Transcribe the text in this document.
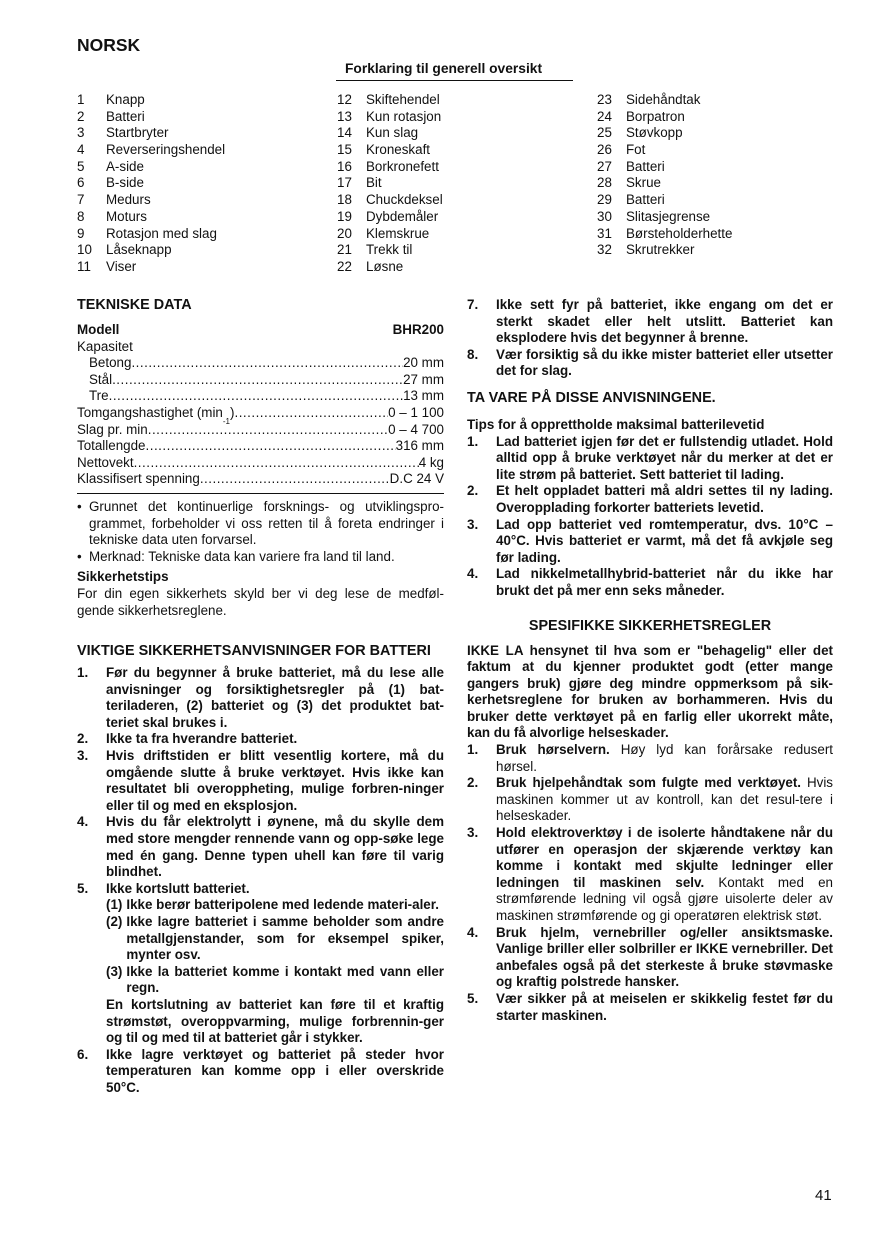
NORSK
Forklaring til generell oversikt
1 Knapp
2 Batteri
3 Startbryter
4 Reverseringshendel
5 A-side
6 B-side
7 Medurs
8 Moturs
9 Rotasjon med slag
10 Låseknapp
11 Viser
12 Skiftehendel
13 Kun rotasjon
14 Kun slag
15 Kroneskaft
16 Borkronefett
17 Bit
18 Chuckdeksel
19 Dybdemåler
20 Klemskrue
21 Trekk til
22 Løsne
23 Sidehåndtak
24 Borpatron
25 Støvkopp
26 Fot
27 Batteri
28 Skrue
29 Batteri
30 Slitasjegrense
31 Børsteholderhette
32 Skrutrekker
TEKNISKE DATA
Modell	BHR200
Kapasitet
Betong .....	20 mm
Stål .....	27 mm
Tre .....	13 mm
Tomgangshastighet (min
-1
) .....	0 – 1 100
Slag pr. min .....	0 – 4 700
Totallengde .....	316 mm
Nettovekt .....	4 kg
Klassifisert spenning .....	D.C 24 V
• Grunnet det kontinuerlige forsknings- og utviklingspro-grammet, forbeholder vi oss retten til å foreta endringer i tekniske data uten forvarsel.
• Merknad: Tekniske data kan variere fra land til land.
Sikkerhetstips
For din egen sikkerhets skyld ber vi deg lese de medføl-gende sikkerhetsreglene.
VIKTIGE SIKKERHETSANVISNINGER FOR BATTERI
1.	Før du begynner å bruke batteriet, må du lese alle anvisninger og forsiktighetsregler på (1) bat-teriladeren, (2) batteriet og (3) det produktet bat-teriet skal brukes i.
2.	Ikke ta fra hverandre batteriet.
3.	Hvis driftstiden er blitt vesentlig kortere, må du omgående slutte å bruke verktøyet. Hvis ikke kan resultatet bli overoppheting, mulige forbren-ninger eller til og med en eksplosjon.
4.	Hvis du får elektrolytt i øynene, må du skylle dem med store mengder rennende vann og opp-søke lege med én gang. Denne typen uhell kan føre til varig blindhet.
5.	Ikke kortslutt batteriet.
(1) Ikke berør batteripolene med ledende materi-aler.
(2) Ikke lagre batteriet i samme beholder som andre metallgjenstander, som for eksempel spiker, mynter osv.
(3) Ikke la batteriet komme i kontakt med vann eller regn.
En kortslutning av batteriet kan føre til et kraftig strømstøt, overoppvarming, mulige forbrennin-ger og til og med til at batteriet går i stykker.
6.	Ikke lagre verktøyet og batteriet på steder hvor temperaturen kan komme opp i eller overskride 50°C.
7.	Ikke sett fyr på batteriet, ikke engang om det er sterkt skadet eller helt utslitt. Batteriet kan eksplodere hvis det begynner å brenne.
8.	Vær forsiktig så du ikke mister batteriet eller utsetter det for slag.
TA VARE PÅ DISSE ANVISNINGENE.
Tips for å opprettholde maksimal batterilevetid
1.	Lad batteriet igjen før det er fullstendig utladet. Hold alltid opp å bruke verktøyet når du merker at det er lite strøm på batteriet. Sett batteriet til lading.
2.	Et helt oppladet batteri må aldri settes til ny lading. Overopplading forkorter batteriets levetid.
3.	Lad opp batteriet ved romtemperatur, dvs. 10°C – 40°C. Hvis batteriet er varmt, må det få avkjøle seg før lading.
4.	Lad nikkelmetallhybrid-batteriet når du ikke har brukt det på mer enn seks måneder.
SPESIFIKKE SIKKERHETSREGLER
IKKE LA hensynet til hva som er "behagelig" eller det faktum at du kjenner produktet godt (etter mange gangers bruk) gjøre deg mindre oppmerksom på sik-kerhetsreglene for bruken av borhammeren. Hvis du bruker dette verktøyet på en farlig eller ukorrekt måte, kan du få alvorlige helseskader.
1.	Bruk hørselvern. Høy lyd kan forårsake redusert hørsel.
2.	Bruk hjelpehåndtak som fulgte med verktøyet. Hvis maskinen kommer ut av kontroll, kan det resul-tere i helseskader.
3.	Hold elektroverktøy i de isolerte håndtakene når du utfører en operasjon der skjærende verktøy kan komme i kontakt med skjulte ledninger eller ledningen til maskinen selv. Kontakt med en strømførende ledning vil også gjøre uisolerte deler av maskinen strømførende og gi operatøren elektrisk støt.
4.	Bruk hjelm, vernebriller og/eller ansiktsmaske. Vanlige briller eller solbriller er IKKE vernebriller. Det anbefales også på det sterkeste å bruke støvmaske og kraftig polstrede hansker.
5.	Vær sikker på at meiselen er skikkelig festet før du starter maskinen.
41
